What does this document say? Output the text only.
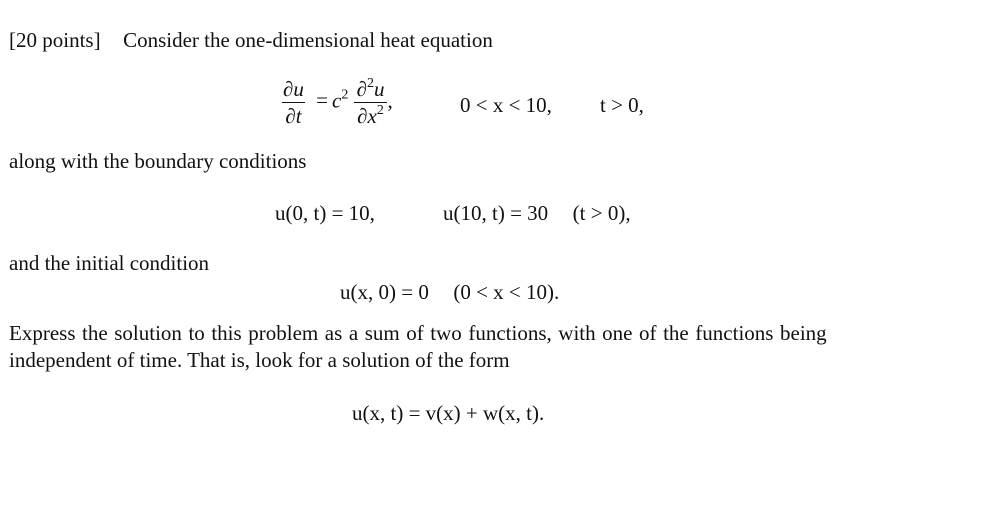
[20 points] Consider the one-dimensional heat equation
$\frac{\partial u}{\partial t} = c^2 \frac{\partial^2u}{\partial x^2}$ ,	0 < x < 10, t > 0,
along with the boundary conditions
u(0, t) = 10,	u(10, t) = 30 (t > 0),
and the initial condition
u(x, 0) = 0 (0 < x < 10).
Express the solution to this problem as a sum of two functions, with one of the functions being
independent of time. That is, look for a solution of the form
u(x, t) = v(x) + w(x, t).
